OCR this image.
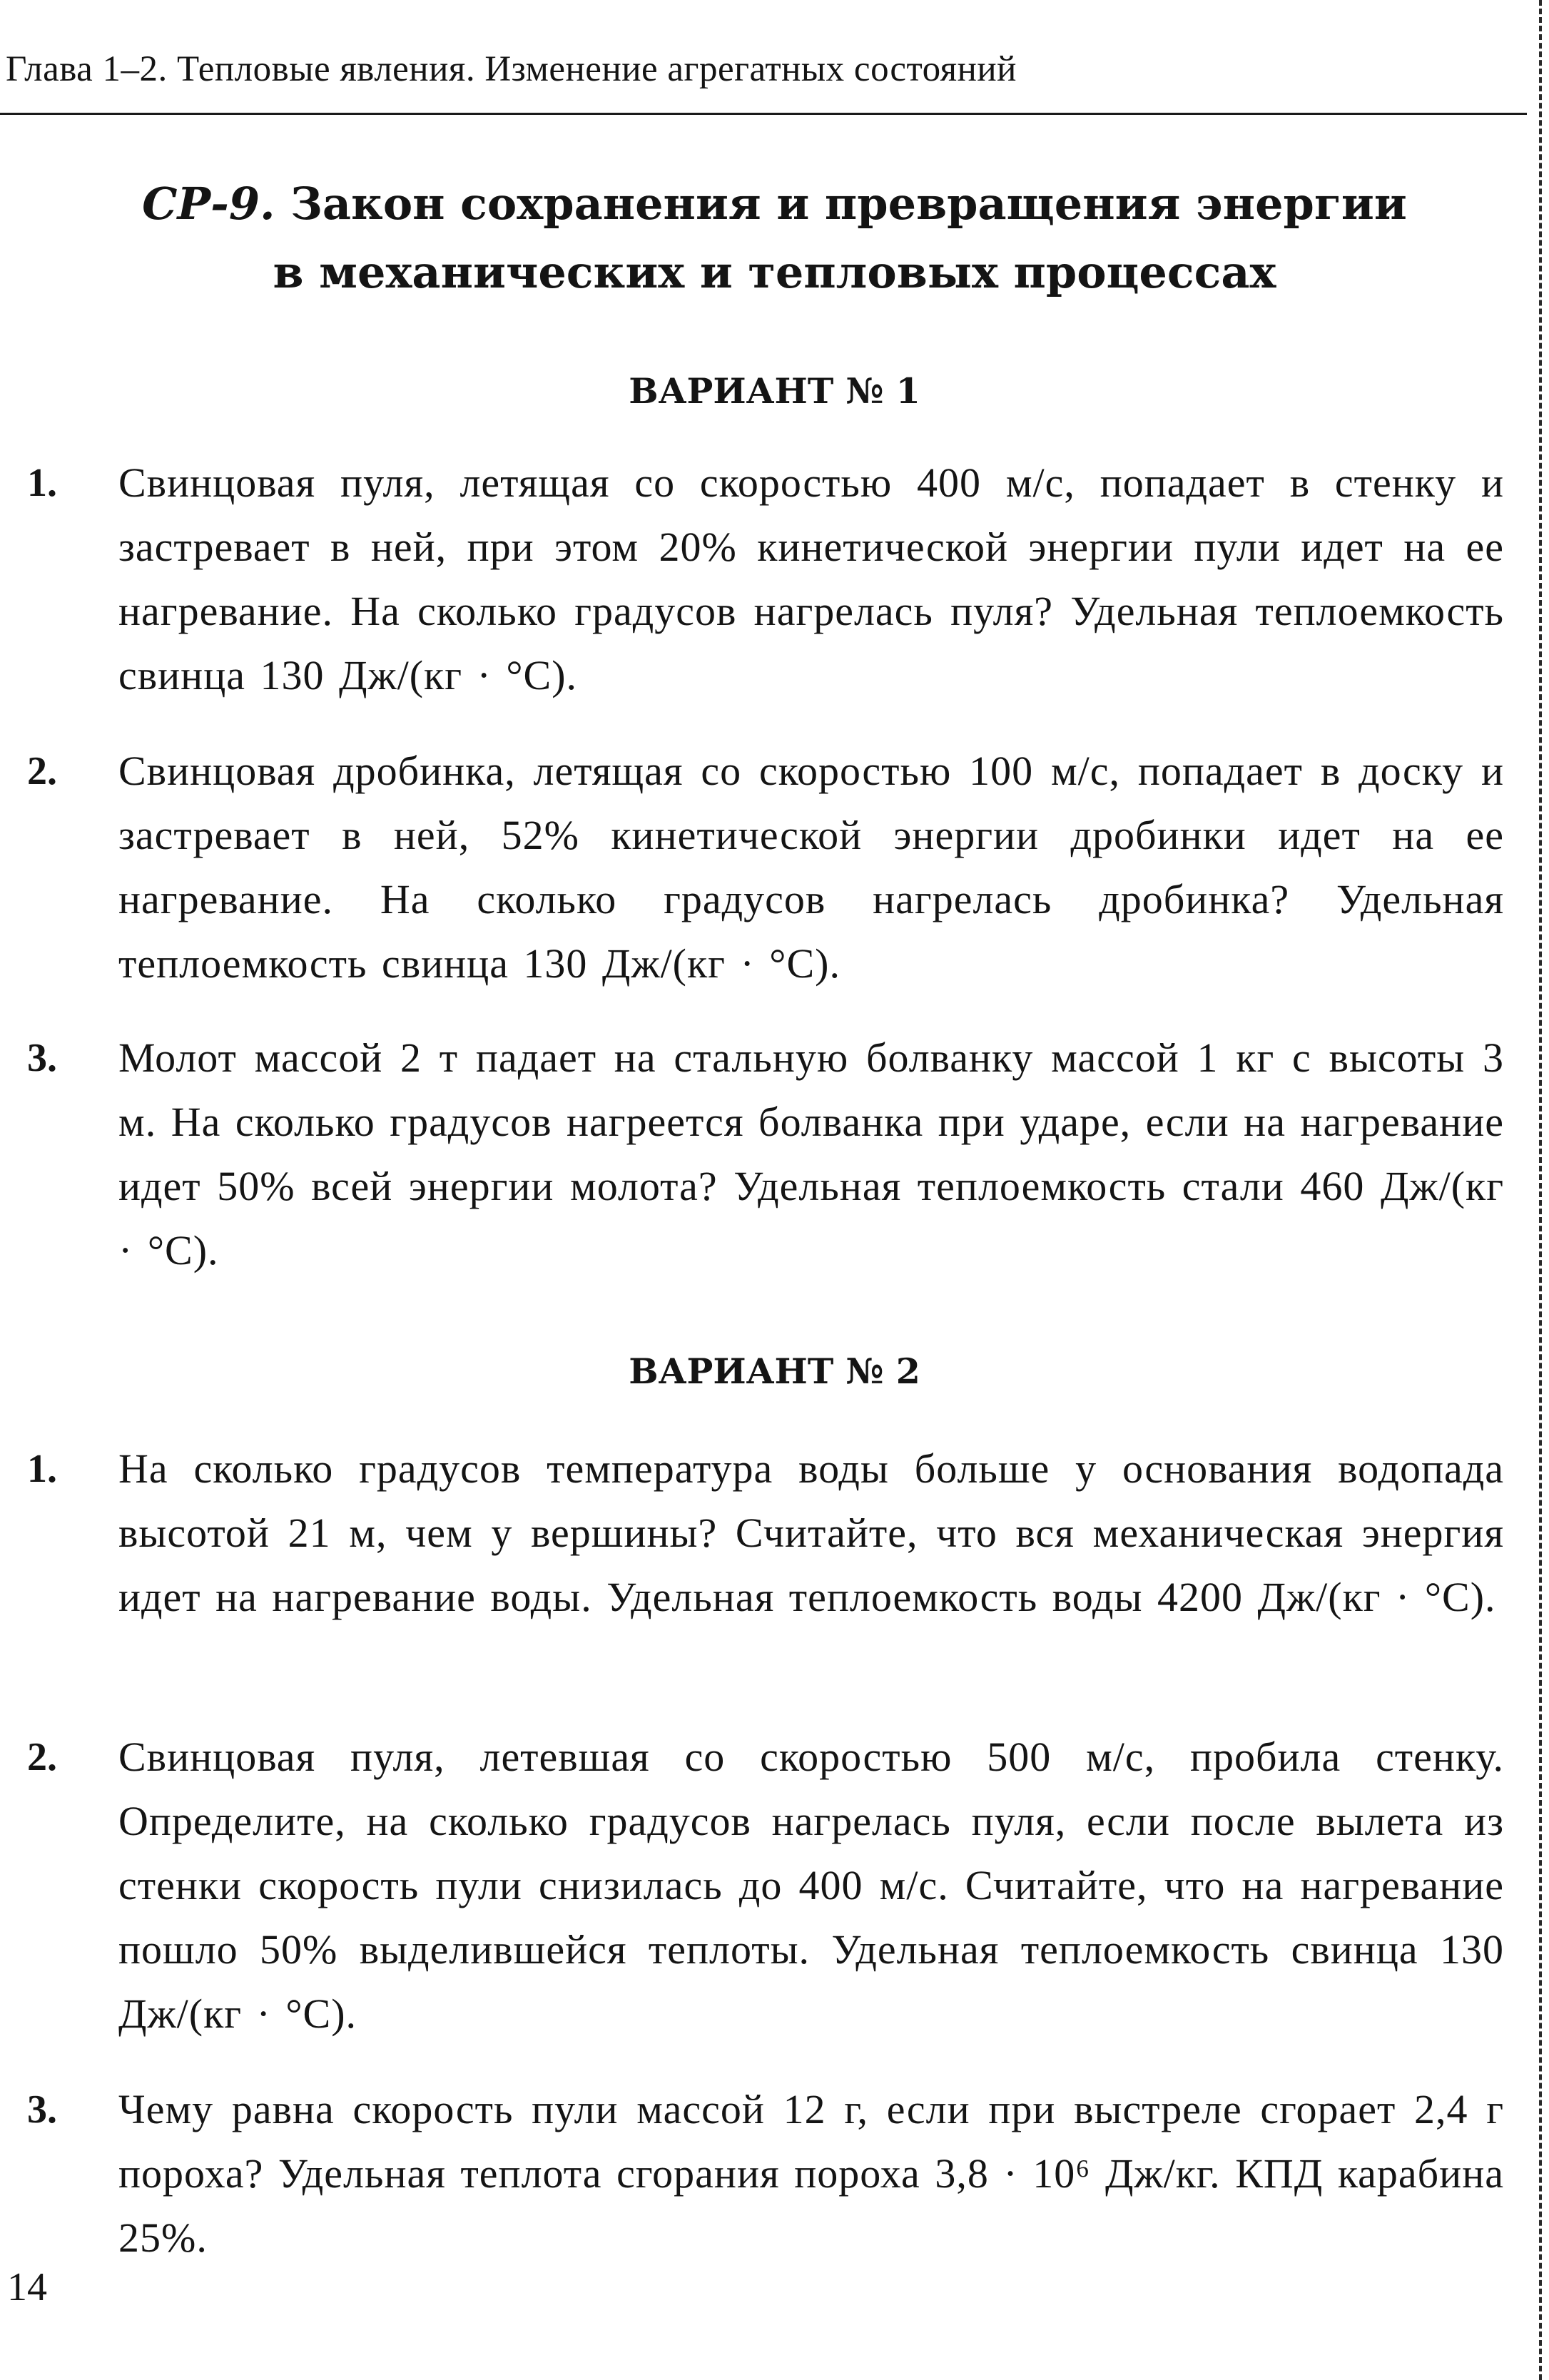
Глава 1–2. Тепловые явления. Изменение агрегатных состояний
СР-9. Закон сохранения и превращения энергии
в механических и тепловых процессах
ВАРИАНТ № 1
1. Свинцовая пуля, летящая со скоростью 400 м/с, попадает в стенку и застревает в ней, при этом 20% кинетической энергии пули идет на ее нагревание. На сколько градусов нагрелась пуля? Удельная теплоемкость свинца 130 Дж/(кг · °С).
2. Свинцовая дробинка, летящая со скоростью 100 м/с, попадает в доску и застревает в ней, 52% кинетической энергии дробинки идет на ее нагревание. На сколько градусов нагрелась дробинка? Удельная теплоемкость свинца 130 Дж/(кг · °С).
3. Молот массой 2 т падает на стальную болванку массой 1 кг с высоты 3 м. На сколько градусов нагреется болванка при ударе, если на нагревание идет 50% всей энергии молота? Удельная теплоемкость стали 460 Дж/(кг · °С).
ВАРИАНТ № 2
1. На сколько градусов температура воды больше у основания водопада высотой 21 м, чем у вершины? Считайте, что вся механическая энергия идет на нагревание воды. Удельная теплоемкость воды 4200 Дж/(кг · °С).
2. Свинцовая пуля, летевшая со скоростью 500 м/с, пробила стенку. Определите, на сколько градусов нагрелась пуля, если после вылета из стенки скорость пули снизилась до 400 м/с. Считайте, что на нагревание пошло 50% выделившейся теплоты. Удельная теплоемкость свинца 130 Дж/(кг · °С).
3. Чему равна скорость пули массой 12 г, если при выстреле сгорает 2,4 г пороха? Удельная теплота сгорания пороха 3,8 · 10⁶ Дж/кг. КПД карабина 25%.
14
